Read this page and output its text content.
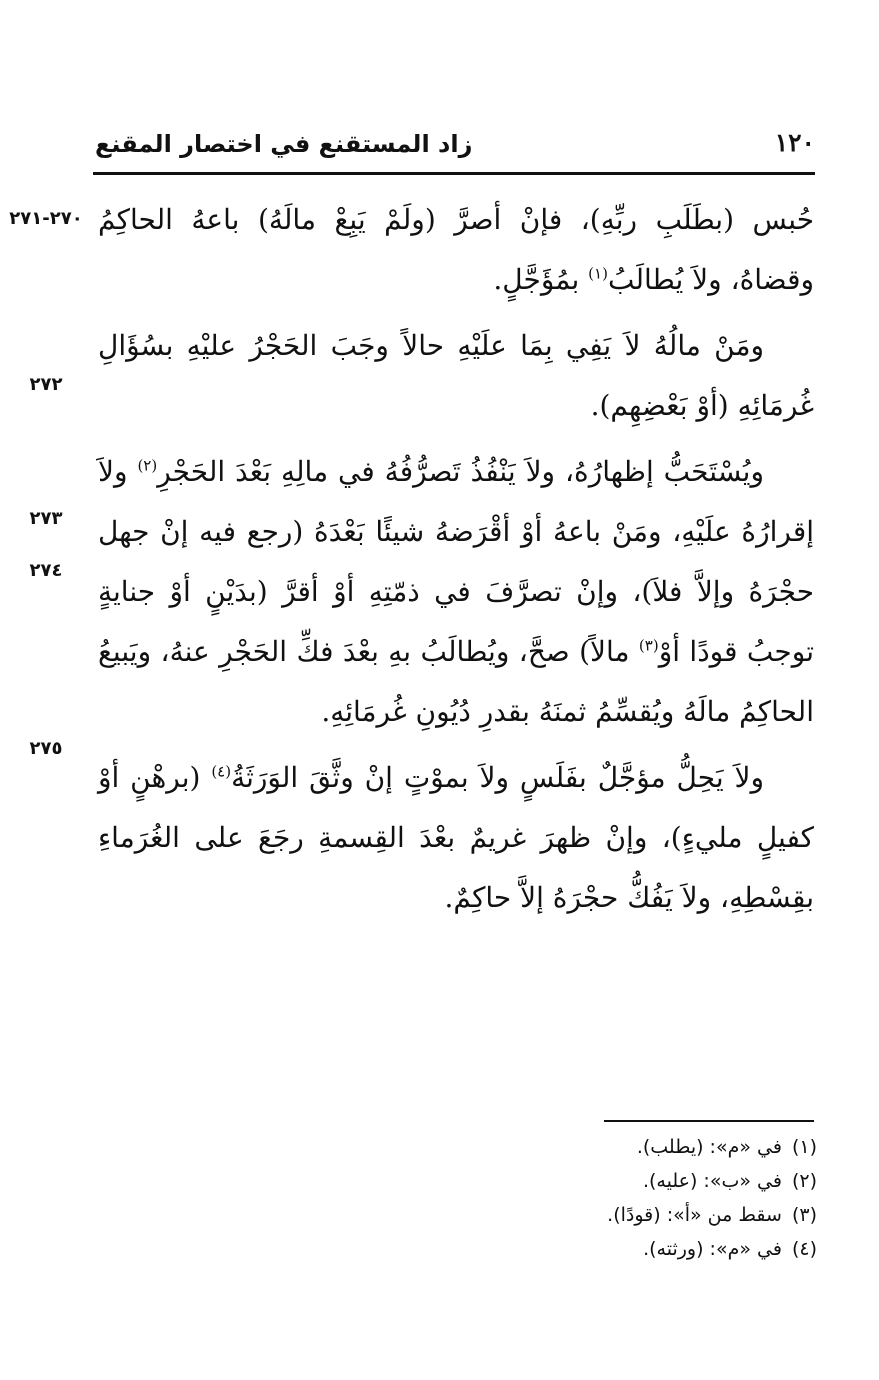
١٢٠
زاد المستقنع في اختصار المقنع
٢٧٠-٢٧١
٢٧٢
٢٧٣
٢٧٤
٢٧٥

حُبس (بطَلَبِ ربِّهِ)، فإنْ أصرَّ (ولَمْ يَبِعْ مالَهُ) باعهُ الحاكِمُ وقضاهُ، ولاَ يُطالَبُ$^{(١)}$ بمُؤَجَّلٍ.

ومَنْ مالُهُ لاَ يَفِي بِمَا علَيْهِ حالاً وجَبَ الحَجْرُ عليْهِ بسُؤَالِ غُرمَائِهِ (أوْ بَعْضِهِم).

ويُسْتَحَبُّ إظهارُهُ، ولاَ يَنْفُذُ تَصرُّفُهُ في مالِهِ بَعْدَ الحَجْرِ$^{(٢)}$ ولاَ إقرارُهُ علَيْهِ، ومَنْ باعهُ أوْ أقْرَضهُ شيئًا بَعْدَهُ (رجع فيه إنْ جهل حجْرَهُ وإلاَّ فلاَ)، وإنْ تصرَّفَ في ذمّتِهِ أوْ أقرَّ (بدَيْنٍ أوْ جنايةٍ توجبُ قودًا أوْ$^{(٣)}$ مالاً) صحَّ، ويُطالَبُ بهِ بعْدَ فكِّ الحَجْرِ عنهُ، ويَبيعُ الحاكِمُ مالَهُ ويُقسِّمُ ثمنَهُ بقدرِ دُيُونِ غُرمَائِهِ.

ولاَ يَحِلُّ مؤجَّلٌ بفَلَسٍ ولاَ بموْتٍ إنْ وثَّقَ الوَرَثَةُ$^{(٤)}$ (برهْنٍ أوْ كفيلٍ مليءٍ)، وإنْ ظهرَ غريمٌ بعْدَ القِسمةِ رجَعَ على الغُرَماءِ بقِسْطِهِ، ولاَ يَفُكُّ حجْرَهُ إلاَّ حاكِمٌ.

(١)في «م»: (يطلب).
(٢)في «ب»: (عليه).
(٣)سقط من «أ»: (قودًا).
(٤)في «م»: (ورثته).
